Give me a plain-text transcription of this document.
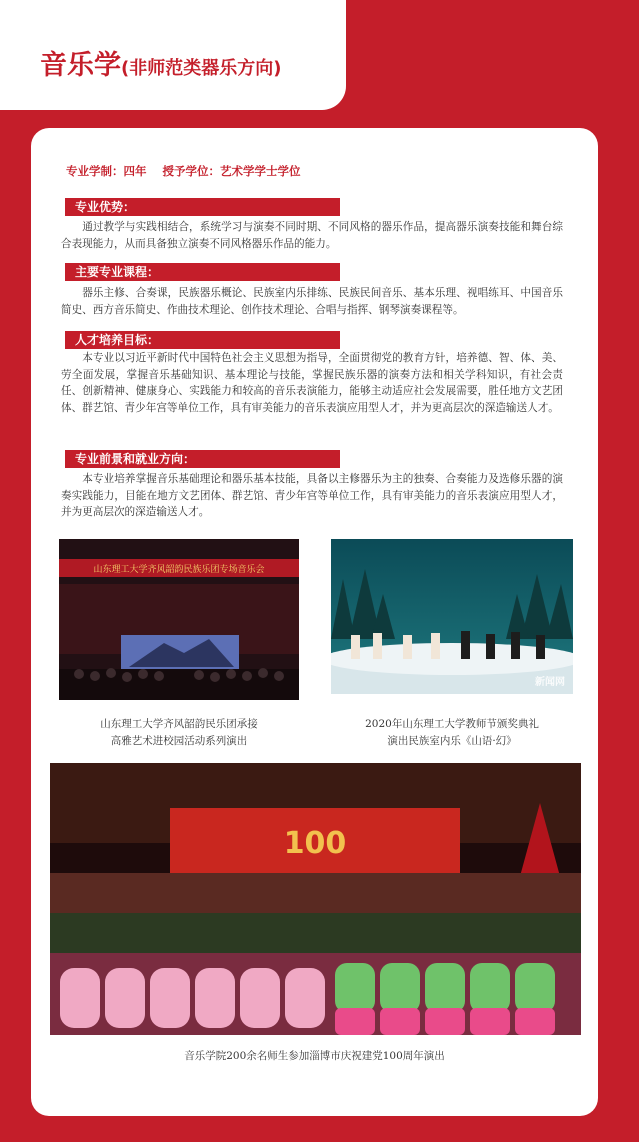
音乐学(非师范类器乐方向)

专业学制：四年    授予学位：艺术学学士学位

专业优势：

通过教学与实践相结合，系统学习与演奏不同时期、不同风格的器乐作品，提高器乐演奏技能和舞台综合表现能力，从而具备独立演奏不同风格器乐作品的能力。

主要专业课程：

器乐主修、合奏课，民族器乐概论、民族室内乐排练、民族民间音乐、基本乐理、视唱练耳、中国音乐简史、西方音乐简史、作曲技术理论、创作技术理论、合唱与指挥、钢琴演奏课程等。

人才培养目标：

本专业以习近平新时代中国特色社会主义思想为指导，全面贯彻党的教育方针，培养德、智、体、美、劳全面发展，掌握音乐基础知识、基本理论与技能，掌握民族乐器的演奏方法和相关学科知识，有社会责任、创新精神、健康身心、实践能力和较高的音乐表演能力，能够主动适应社会发展需要，胜任地方文艺团体、群艺馆、青少年宫等单位工作，具有审美能力的音乐表演应用型人才，并为更高层次的深造输送人才。

专业前景和就业方向：

本专业培养掌握音乐基础理论和器乐基本技能，具备以主修器乐为主的独奏、合奏能力及选修乐器的演奏实践能力，目能在地方文艺团体、群艺馆、青少年宫等单位工作，具有审美能力的音乐表演应用型人才，并为更高层次的深造输送人才。

山东理工大学齐风韶韵民族乐团专场音乐会
新闻网

山东理工大学齐风韶韵民乐团承接
高雅艺术进校园活动系列演出

2020年山东理工大学教师节颁奖典礼
演出民族室内乐《山语·幻》

100

音乐学院200余名师生参加淄博市庆祝建党100周年演出
